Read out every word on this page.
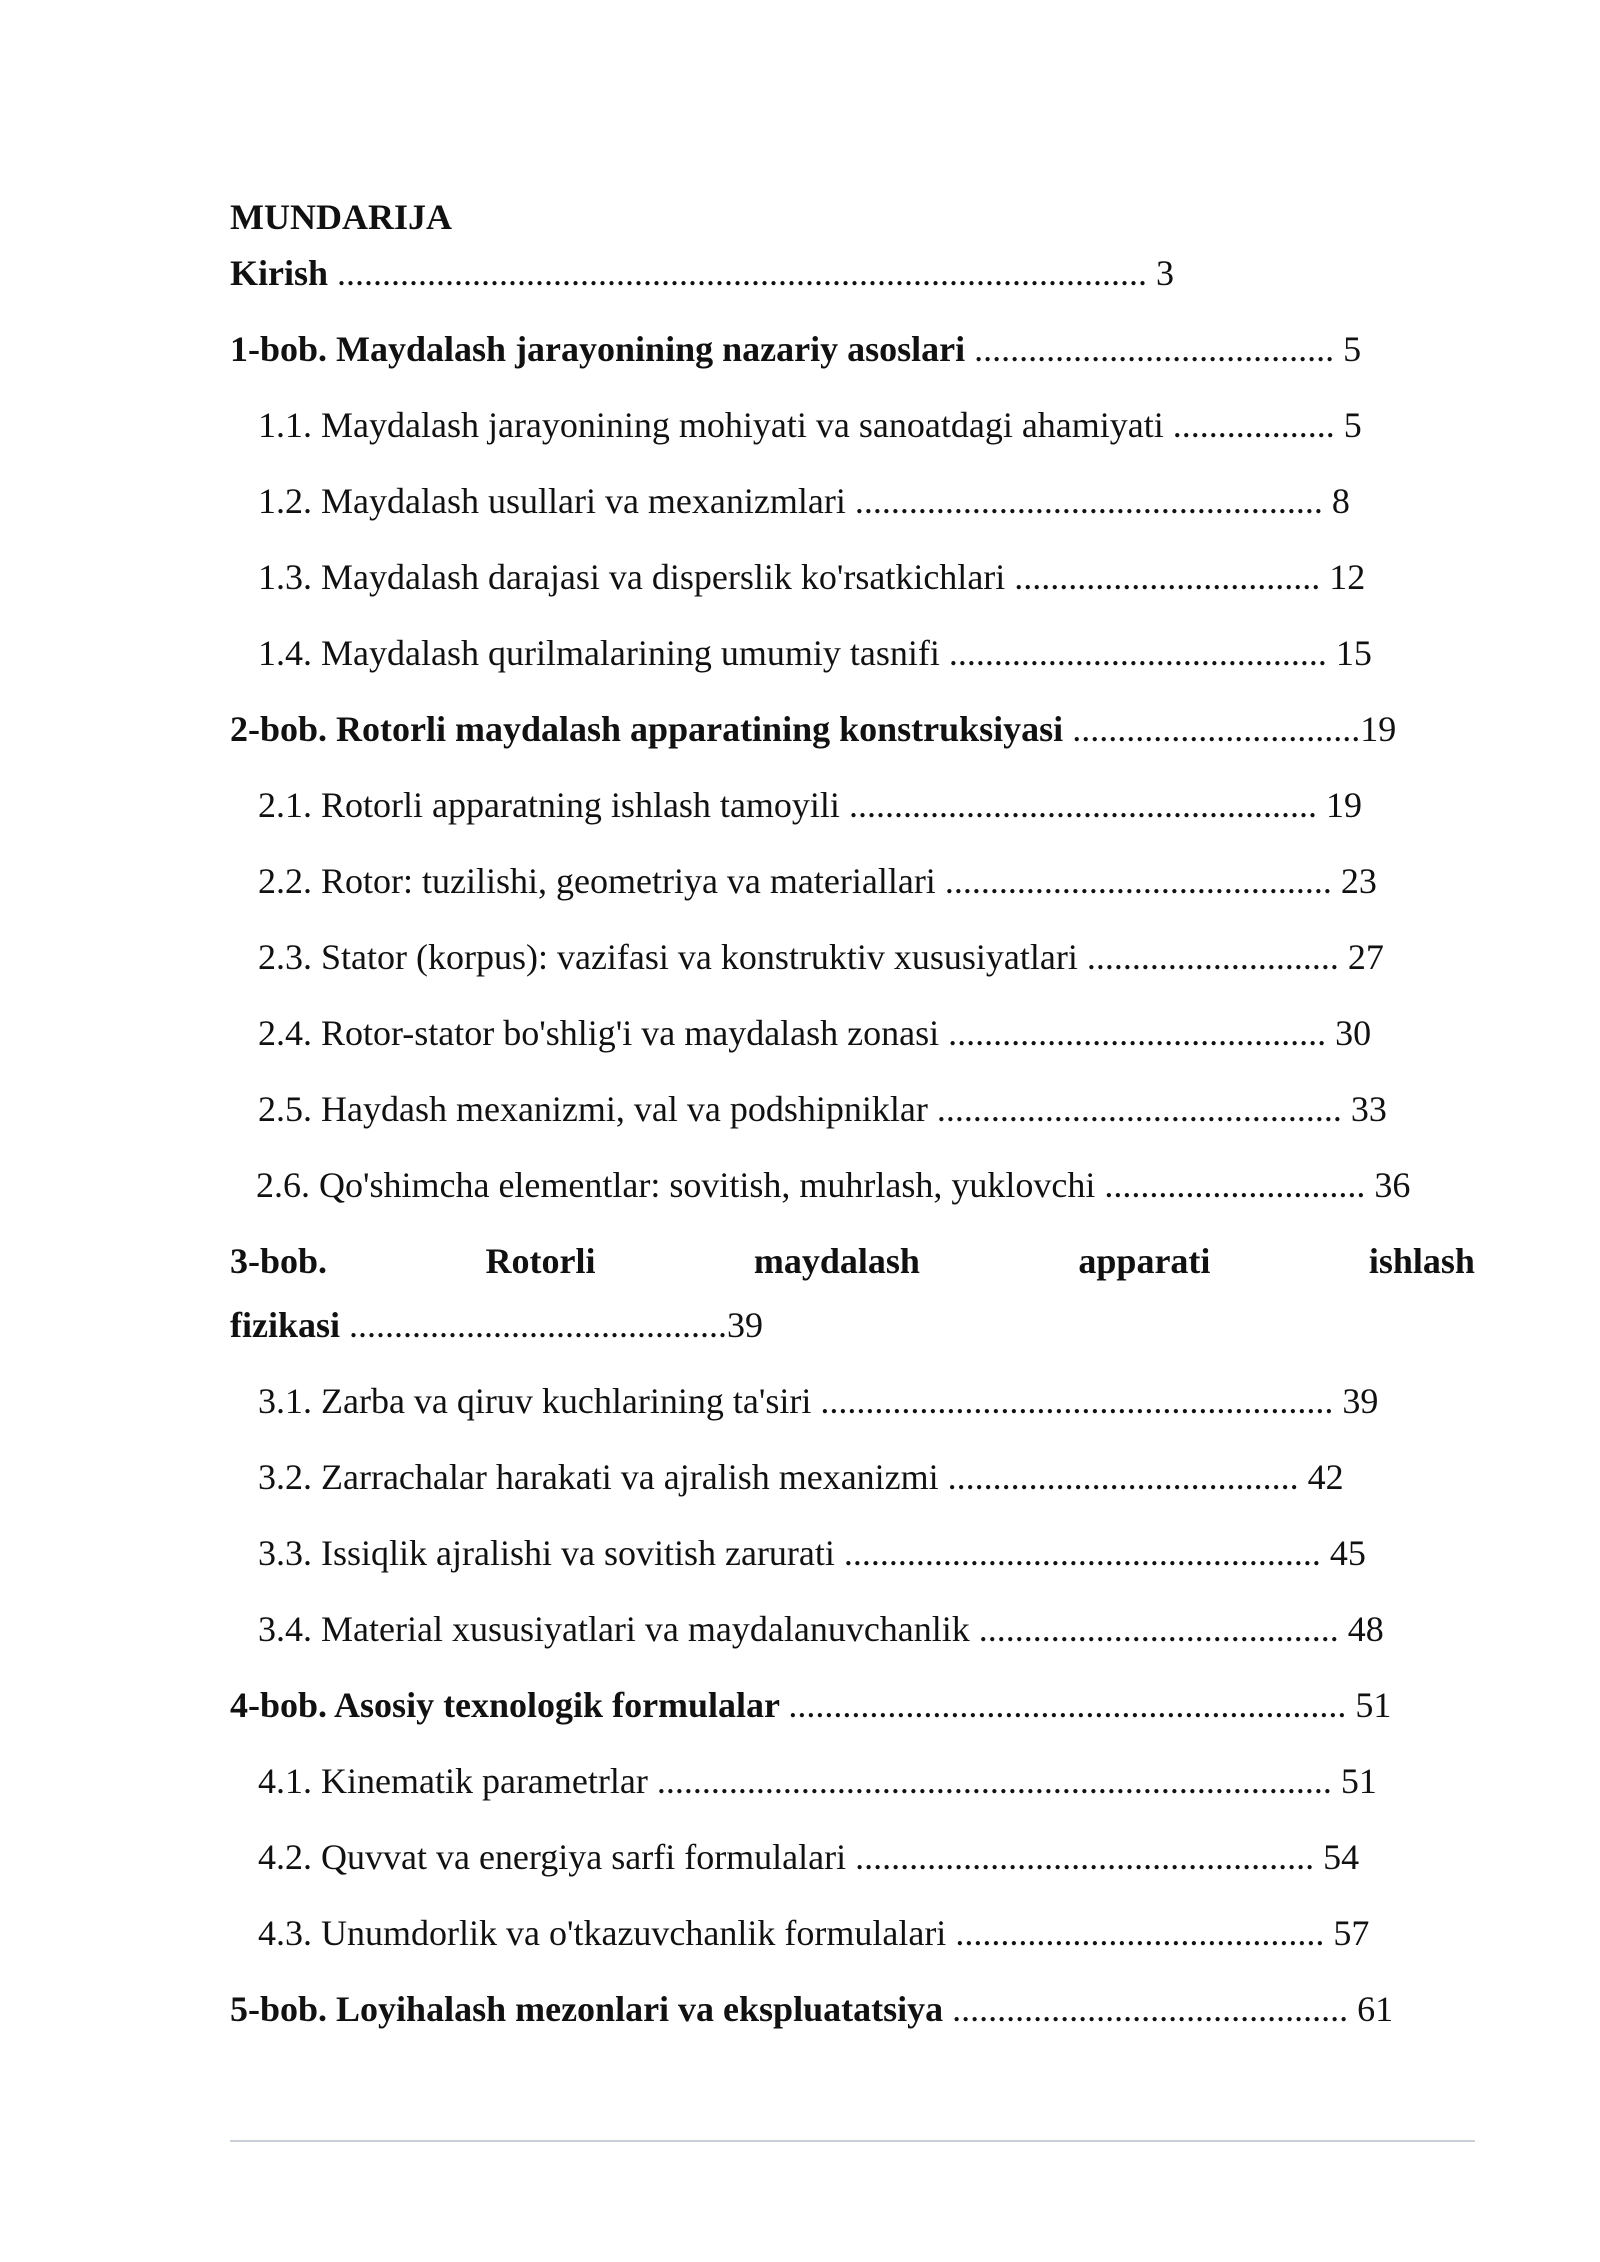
MUNDARIJA
Kirish .......................................................................................... 3
1-bob. Maydalash jarayonining nazariy asoslari ........................................ 5
1.1. Maydalash jarayonining mohiyati va sanoatdagi ahamiyati .................. 5
1.2. Maydalash usullari va mexanizmlari .................................................... 8
1.3. Maydalash darajasi va disperslik ko'rsatkichlari .................................. 12
1.4. Maydalash qurilmalarining umumiy tasnifi .......................................... 15
2-bob. Rotorli maydalash apparatining konstruksiyasi ................................19
2.1. Rotorli apparatning ishlash tamoyili .................................................... 19
2.2. Rotor: tuzilishi, geometriya va materiallari ........................................... 23
2.3. Stator (korpus): vazifasi va konstruktiv xususiyatlari ............................ 27
2.4. Rotor-stator bo'shlig'i va maydalash zonasi .......................................... 30
2.5. Haydash mexanizmi, val va podshipniklar ............................................. 33
2.6. Qo'shimcha elementlar: sovitish, muhrlash, yuklovchi ............................. 36
3-bob.	Rotorli	maydalash	apparati	ishlash
fizikasi ..........................................39
3.1. Zarba va qiruv kuchlarining ta'siri ......................................................... 39
3.2. Zarrachalar harakati va ajralish mexanizmi ....................................... 42
3.3. Issiqlik ajralishi va sovitish zarurati ..................................................... 45
3.4. Material xususiyatlari va maydalanuvchanlik ........................................ 48
4-bob. Asosiy texnologik formulalar .............................................................. 51
4.1. Kinematik parametrlar ........................................................................... 51
4.2. Quvvat va energiya sarfi formulalari ................................................... 54
4.3. Unumdorlik va o'tkazuvchanlik formulalari ......................................... 57
5-bob. Loyihalash mezonlari va ekspluatatsiya ............................................ 61
